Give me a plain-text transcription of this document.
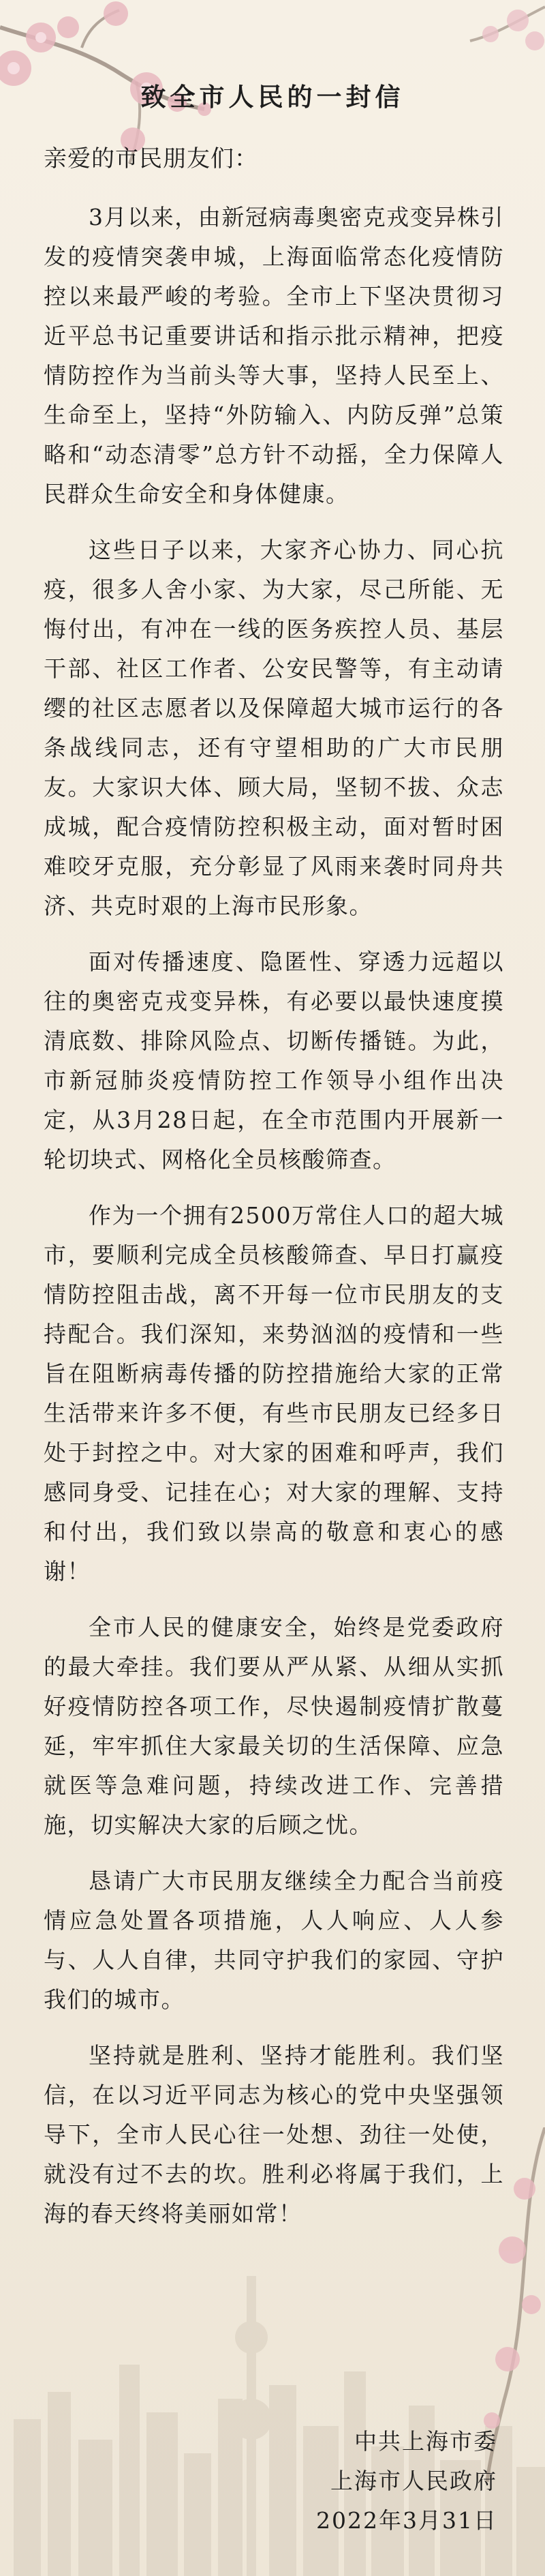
致全市人民的一封信
亲爱的市民朋友们：

3月以来，由新冠病毒奥密克戎变异株引发的疫情突袭申城，上海面临常态化疫情防控以来最严峻的考验。全市上下坚决贯彻习近平总书记重要讲话和指示批示精神，把疫情防控作为当前头等大事，坚持人民至上、生命至上，坚持“外防输入、内防反弹”总策略和“动态清零”总方针不动摇，全力保障人民群众生命安全和身体健康。

这些日子以来，大家齐心协力、同心抗疫，很多人舍小家、为大家，尽己所能、无悔付出，有冲在一线的医务疾控人员、基层干部、社区工作者、公安民警等，有主动请缨的社区志愿者以及保障超大城市运行的各条战线同志，还有守望相助的广大市民朋友。大家识大体、顾大局，坚韧不拔、众志成城，配合疫情防控积极主动，面对暂时困难咬牙克服，充分彰显了风雨来袭时同舟共济、共克时艰的上海市民形象。

面对传播速度、隐匿性、穿透力远超以往的奥密克戎变异株，有必要以最快速度摸清底数、排除风险点、切断传播链。为此，市新冠肺炎疫情防控工作领导小组作出决定，从3月28日起，在全市范围内开展新一轮切块式、网格化全员核酸筛查。

作为一个拥有2500万常住人口的超大城市，要顺利完成全员核酸筛查、早日打赢疫情防控阻击战，离不开每一位市民朋友的支持配合。我们深知，来势汹汹的疫情和一些旨在阻断病毒传播的防控措施给大家的正常生活带来许多不便，有些市民朋友已经多日处于封控之中。对大家的困难和呼声，我们感同身受、记挂在心；对大家的理解、支持和付出，我们致以崇高的敬意和衷心的感谢！

全市人民的健康安全，始终是党委政府的最大牵挂。我们要从严从紧、从细从实抓好疫情防控各项工作，尽快遏制疫情扩散蔓延，牢牢抓住大家最关切的生活保障、应急就医等急难问题，持续改进工作、完善措施，切实解决大家的后顾之忧。

恳请广大市民朋友继续全力配合当前疫情应急处置各项措施，人人响应、人人参与、人人自律，共同守护我们的家园、守护我们的城市。

坚持就是胜利、坚持才能胜利。我们坚信，在以习近平同志为核心的党中央坚强领导下，全市人民心往一处想、劲往一处使，就没有过不去的坎。胜利必将属于我们，上海的春天终将美丽如常！

中共上海市委
上海市人民政府
2022年3月31日
